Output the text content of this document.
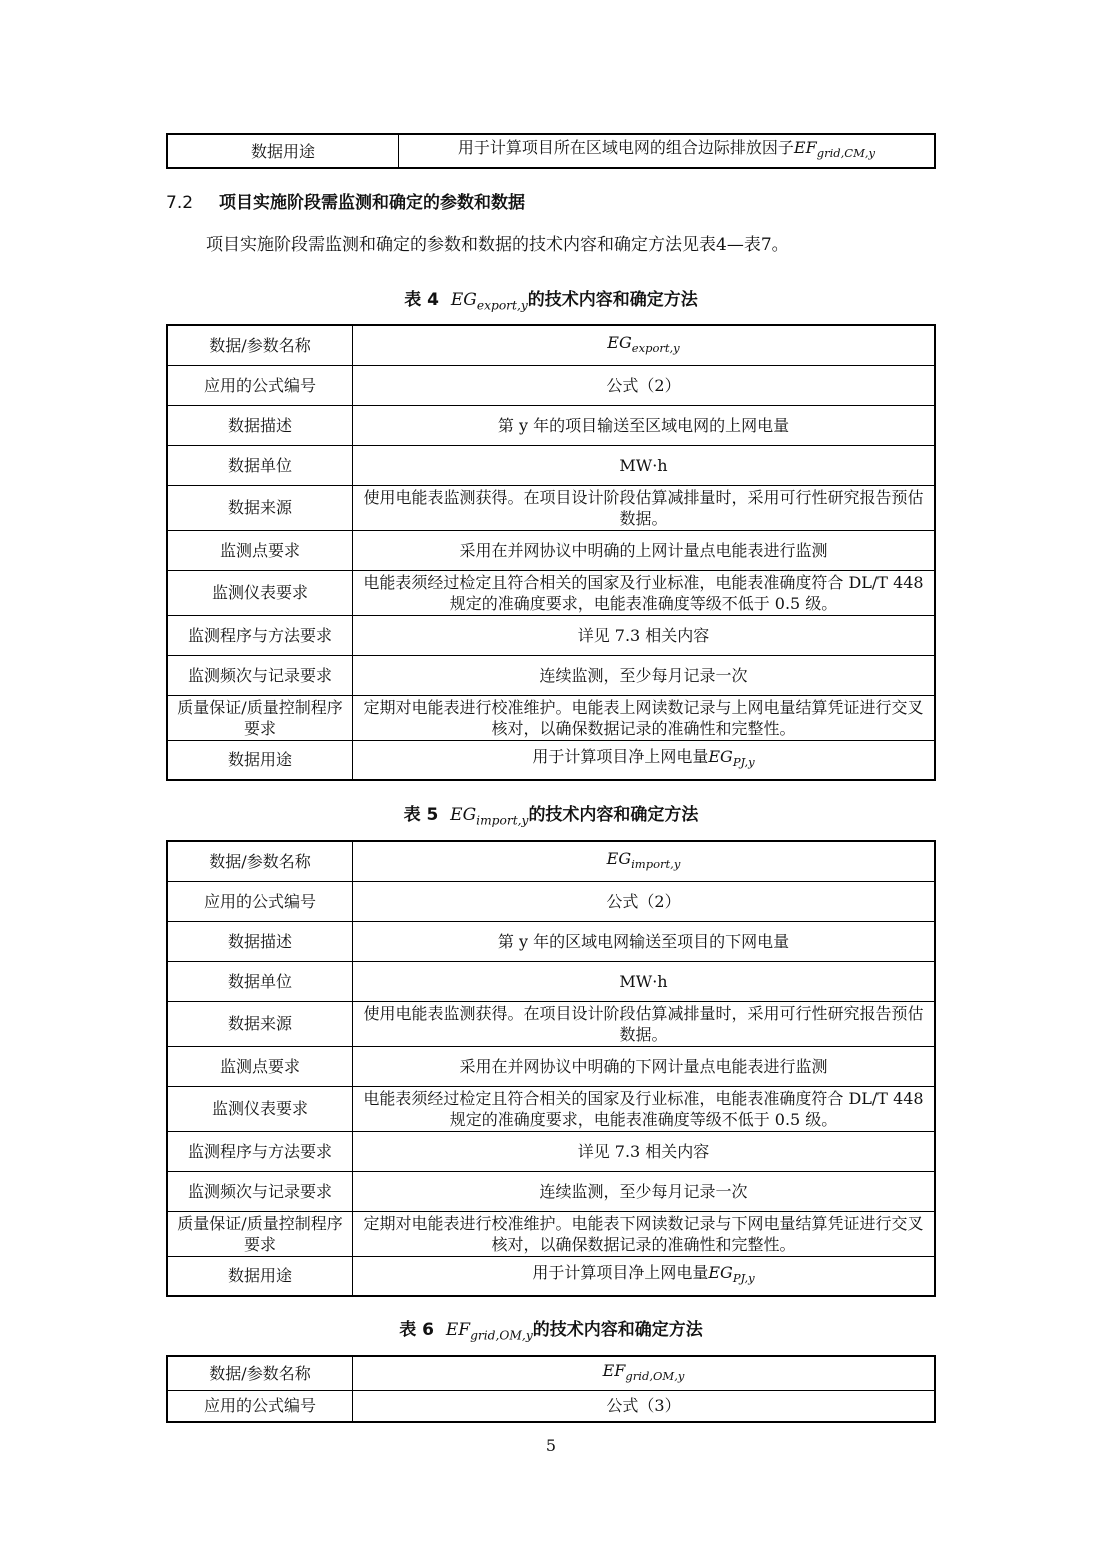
数据用途	用于计算项目所在区域电网的组合边际排放因子$EF_{grid,CM,y}$
7.2 项目实施阶段需监测和确定的参数和数据
项目实施阶段需监测和确定的参数和数据的技术内容和确定方法见表4—表7。
表 4 $EG_{export,y}$的技术内容和确定方法
数据/参数名称	$EG_{export,y}$
应用的公式编号	公式（2）
数据描述	第 y 年的项目输送至区域电网的上网电量
数据单位	MW·h
数据来源	使用电能表监测获得。在项目设计阶段估算减排量时，采用可行性研究报告预估数据。
监测点要求	采用在并网协议中明确的上网计量点电能表进行监测
监测仪表要求	电能表须经过检定且符合相关的国家及行业标准，电能表准确度符合 DL/T 448 规定的准确度要求，电能表准确度等级不低于 0.5 级。
监测程序与方法要求	详见 7.3 相关内容
监测频次与记录要求	连续监测，至少每月记录一次
质量保证/质量控制程序要求	定期对电能表进行校准维护。电能表上网读数记录与上网电量结算凭证进行交叉核对，以确保数据记录的准确性和完整性。
数据用途	用于计算项目净上网电量$EG_{PJ,y}$
表 5 $EG_{import,y}$的技术内容和确定方法
数据/参数名称	$EG_{import,y}$
应用的公式编号	公式（2）
数据描述	第 y 年的区域电网输送至项目的下网电量
数据单位	MW·h
数据来源	使用电能表监测获得。在项目设计阶段估算减排量时，采用可行性研究报告预估数据。
监测点要求	采用在并网协议中明确的下网计量点电能表进行监测
监测仪表要求	电能表须经过检定且符合相关的国家及行业标准，电能表准确度符合 DL/T 448 规定的准确度要求，电能表准确度等级不低于 0.5 级。
监测程序与方法要求	详见 7.3 相关内容
监测频次与记录要求	连续监测，至少每月记录一次
质量保证/质量控制程序要求	定期对电能表进行校准维护。电能表下网读数记录与下网电量结算凭证进行交叉核对，以确保数据记录的准确性和完整性。
数据用途	用于计算项目净上网电量$EG_{PJ,y}$
表 6 $EF_{grid,OM,y}$的技术内容和确定方法
数据/参数名称	$EF_{grid,OM,y}$
应用的公式编号	公式（3）
5
